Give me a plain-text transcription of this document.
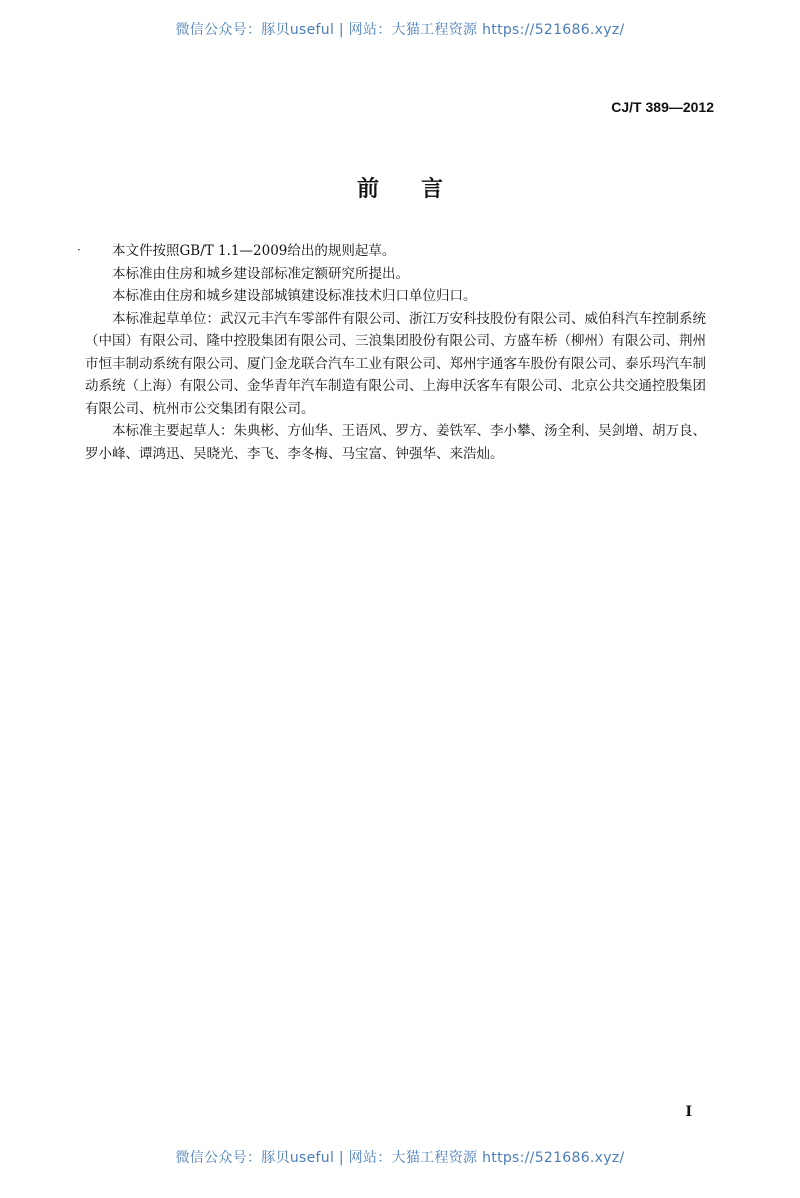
微信公众号：豚贝useful | 网站：大猫工程资源 https://521686.xyz/
CJ/T 389—2012
前言
·	本文件按照GB/T 1.1—2009给出的规则起草。

本标准由住房和城乡建设部标准定额研究所提出。

本标准由住房和城乡建设部城镇建设标准技术归口单位归口。

本标准起草单位：武汉元丰汽车零部件有限公司、浙江万安科技股份有限公司、威伯科汽车控制系统（中国）有限公司、隆中控股集团有限公司、三浪集团股份有限公司、方盛车桥（柳州）有限公司、荆州市恒丰制动系统有限公司、厦门金龙联合汽车工业有限公司、郑州宇通客车股份有限公司、泰乐玛汽车制动系统（上海）有限公司、金华青年汽车制造有限公司、上海申沃客车有限公司、北京公共交通控股集团有限公司、杭州市公交集团有限公司。

本标准主要起草人：朱典彬、方仙华、王语风、罗方、姜铁军、李小攀、汤全利、吴剑增、胡万良、罗小峰、谭鸿迅、吴晓光、李飞、李冬梅、马宝富、钟强华、来浩灿。

I
微信公众号：豚贝useful | 网站：大猫工程资源 https://521686.xyz/
